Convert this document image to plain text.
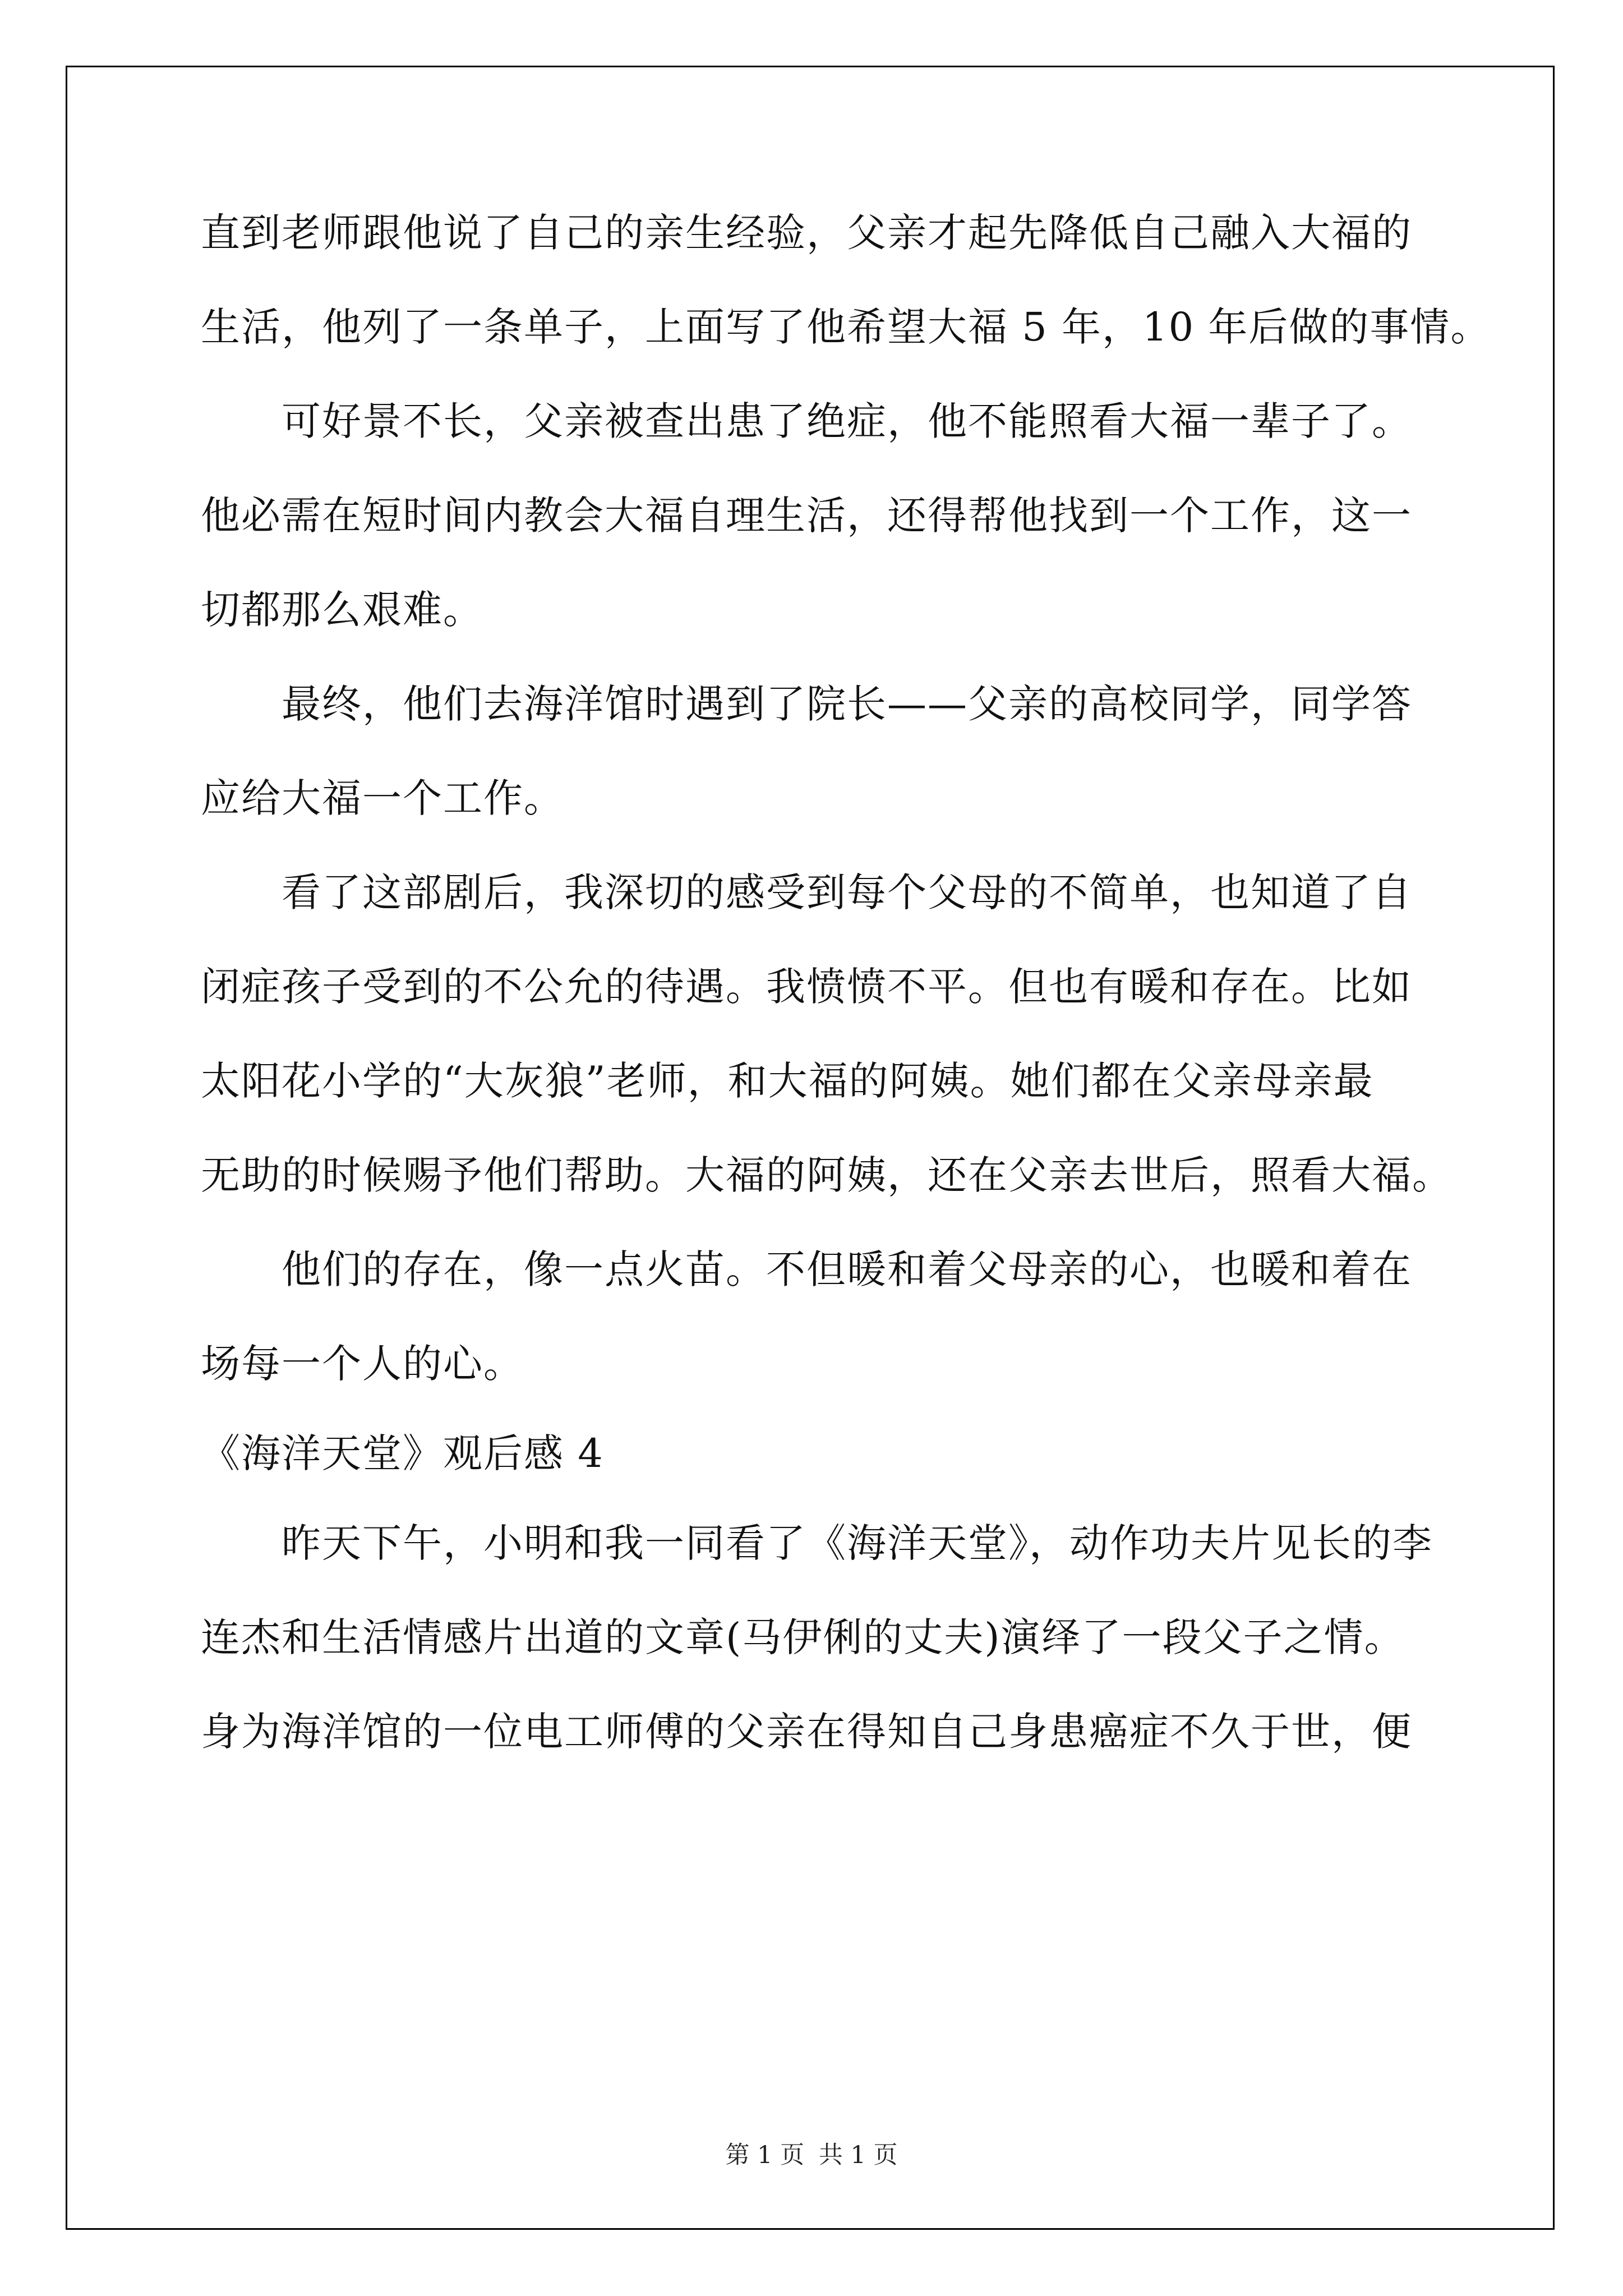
直到老师跟他说了自己的亲生经验，父亲才起先降低自己融入大福的
生活，他列了一条单子，上面写了他希望大福 5 年，10 年后做的事情。
可好景不长，父亲被查出患了绝症，他不能照看大福一辈子了。
他必需在短时间内教会大福自理生活，还得帮他找到一个工作，这一
切都那么艰难。
最终，他们去海洋馆时遇到了院长——父亲的高校同学，同学答
应给大福一个工作。
看了这部剧后，我深切的感受到每个父母的不简单，也知道了自
闭症孩子受到的不公允的待遇。我愤愤不平。但也有暖和存在。比如
太阳花小学的“大灰狼”老师，和大福的阿姨。她们都在父亲母亲最
无助的时候赐予他们帮助。大福的阿姨，还在父亲去世后，照看大福。
他们的存在，像一点火苗。不但暖和着父母亲的心，也暖和着在
场每一个人的心。
《海洋天堂》观后感 4
昨天下午，小明和我一同看了《海洋天堂》，动作功夫片见长的李
连杰和生活情感片出道的文章(马伊俐的丈夫)演绎了一段父子之情。
身为海洋馆的一位电工师傅的父亲在得知自己身患癌症不久于世，便
第 1 页 共 1 页
